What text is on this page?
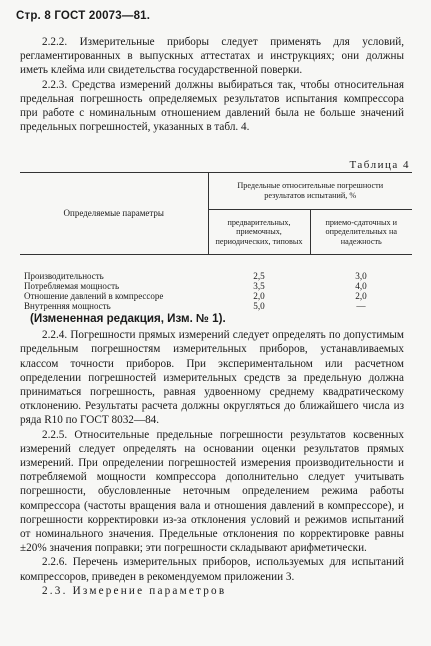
Стр. 8 ГОСТ 20073—81.

2.2.2. Измерительные приборы следует применять для условий, регламентированных в выпускных аттестатах и инструкциях; они должны иметь клейма или свидетельства государственной поверки.

2.2.3. Средства измерений должны выбираться так, чтобы относительная предельная погрешность определяемых результатов испытания компрессора при работе с номинальным отношением давлений была не больше значений предельных погрешностей, указанных в табл. 4.

Таблица 4
Определяемые параметры	Предельные относительные погрешности результатов испытаний, %	
	предварительных, приемочных, периодических, типовых	приемо-сдаточных и определительных на надежность
Производительность	2,5	3,0
Потребляемая мощность	3,5	4,0
Отношение давлений в компрессоре	2,0	2,0
Внутренняя мощность	5,0	—

(Измененная редакция, Изм. № 1).

2.2.4. Погрешности прямых измерений следует определять по допустимым предельным погрешностям измерительных приборов, устанавливаемых классом точности приборов. При экспериментальном или расчетном определении погрешностей измерительных средств за предельную должна приниматься погрешность, равная удвоенному среднему квадратическому отклонению. Результаты расчета должны округляться до ближайшего числа из ряда R10 по ГОСТ 8032—84.

2.2.5. Относительные предельные погрешности результатов косвенных измерений следует определять на основании оценки результатов прямых измерений. При определении погрешностей измерения производительности и потребляемой мощности компрессора дополнительно следует учитывать погрешности, обусловленные неточным определением режима работы компрессора (частоты вращения вала и отношения давлений в компрессоре), и погрешности корректировки из-за отклонения условий и режимов испытаний от номинального значения. Предельные отклонения по корректировке равны ±20% значения поправки; эти погрешности складывают арифметически.

2.2.6. Перечень измерительных приборов, используемых для испытаний компрессоров, приведен в рекомендуемом приложении 3.

2.3. Измерение параметров
